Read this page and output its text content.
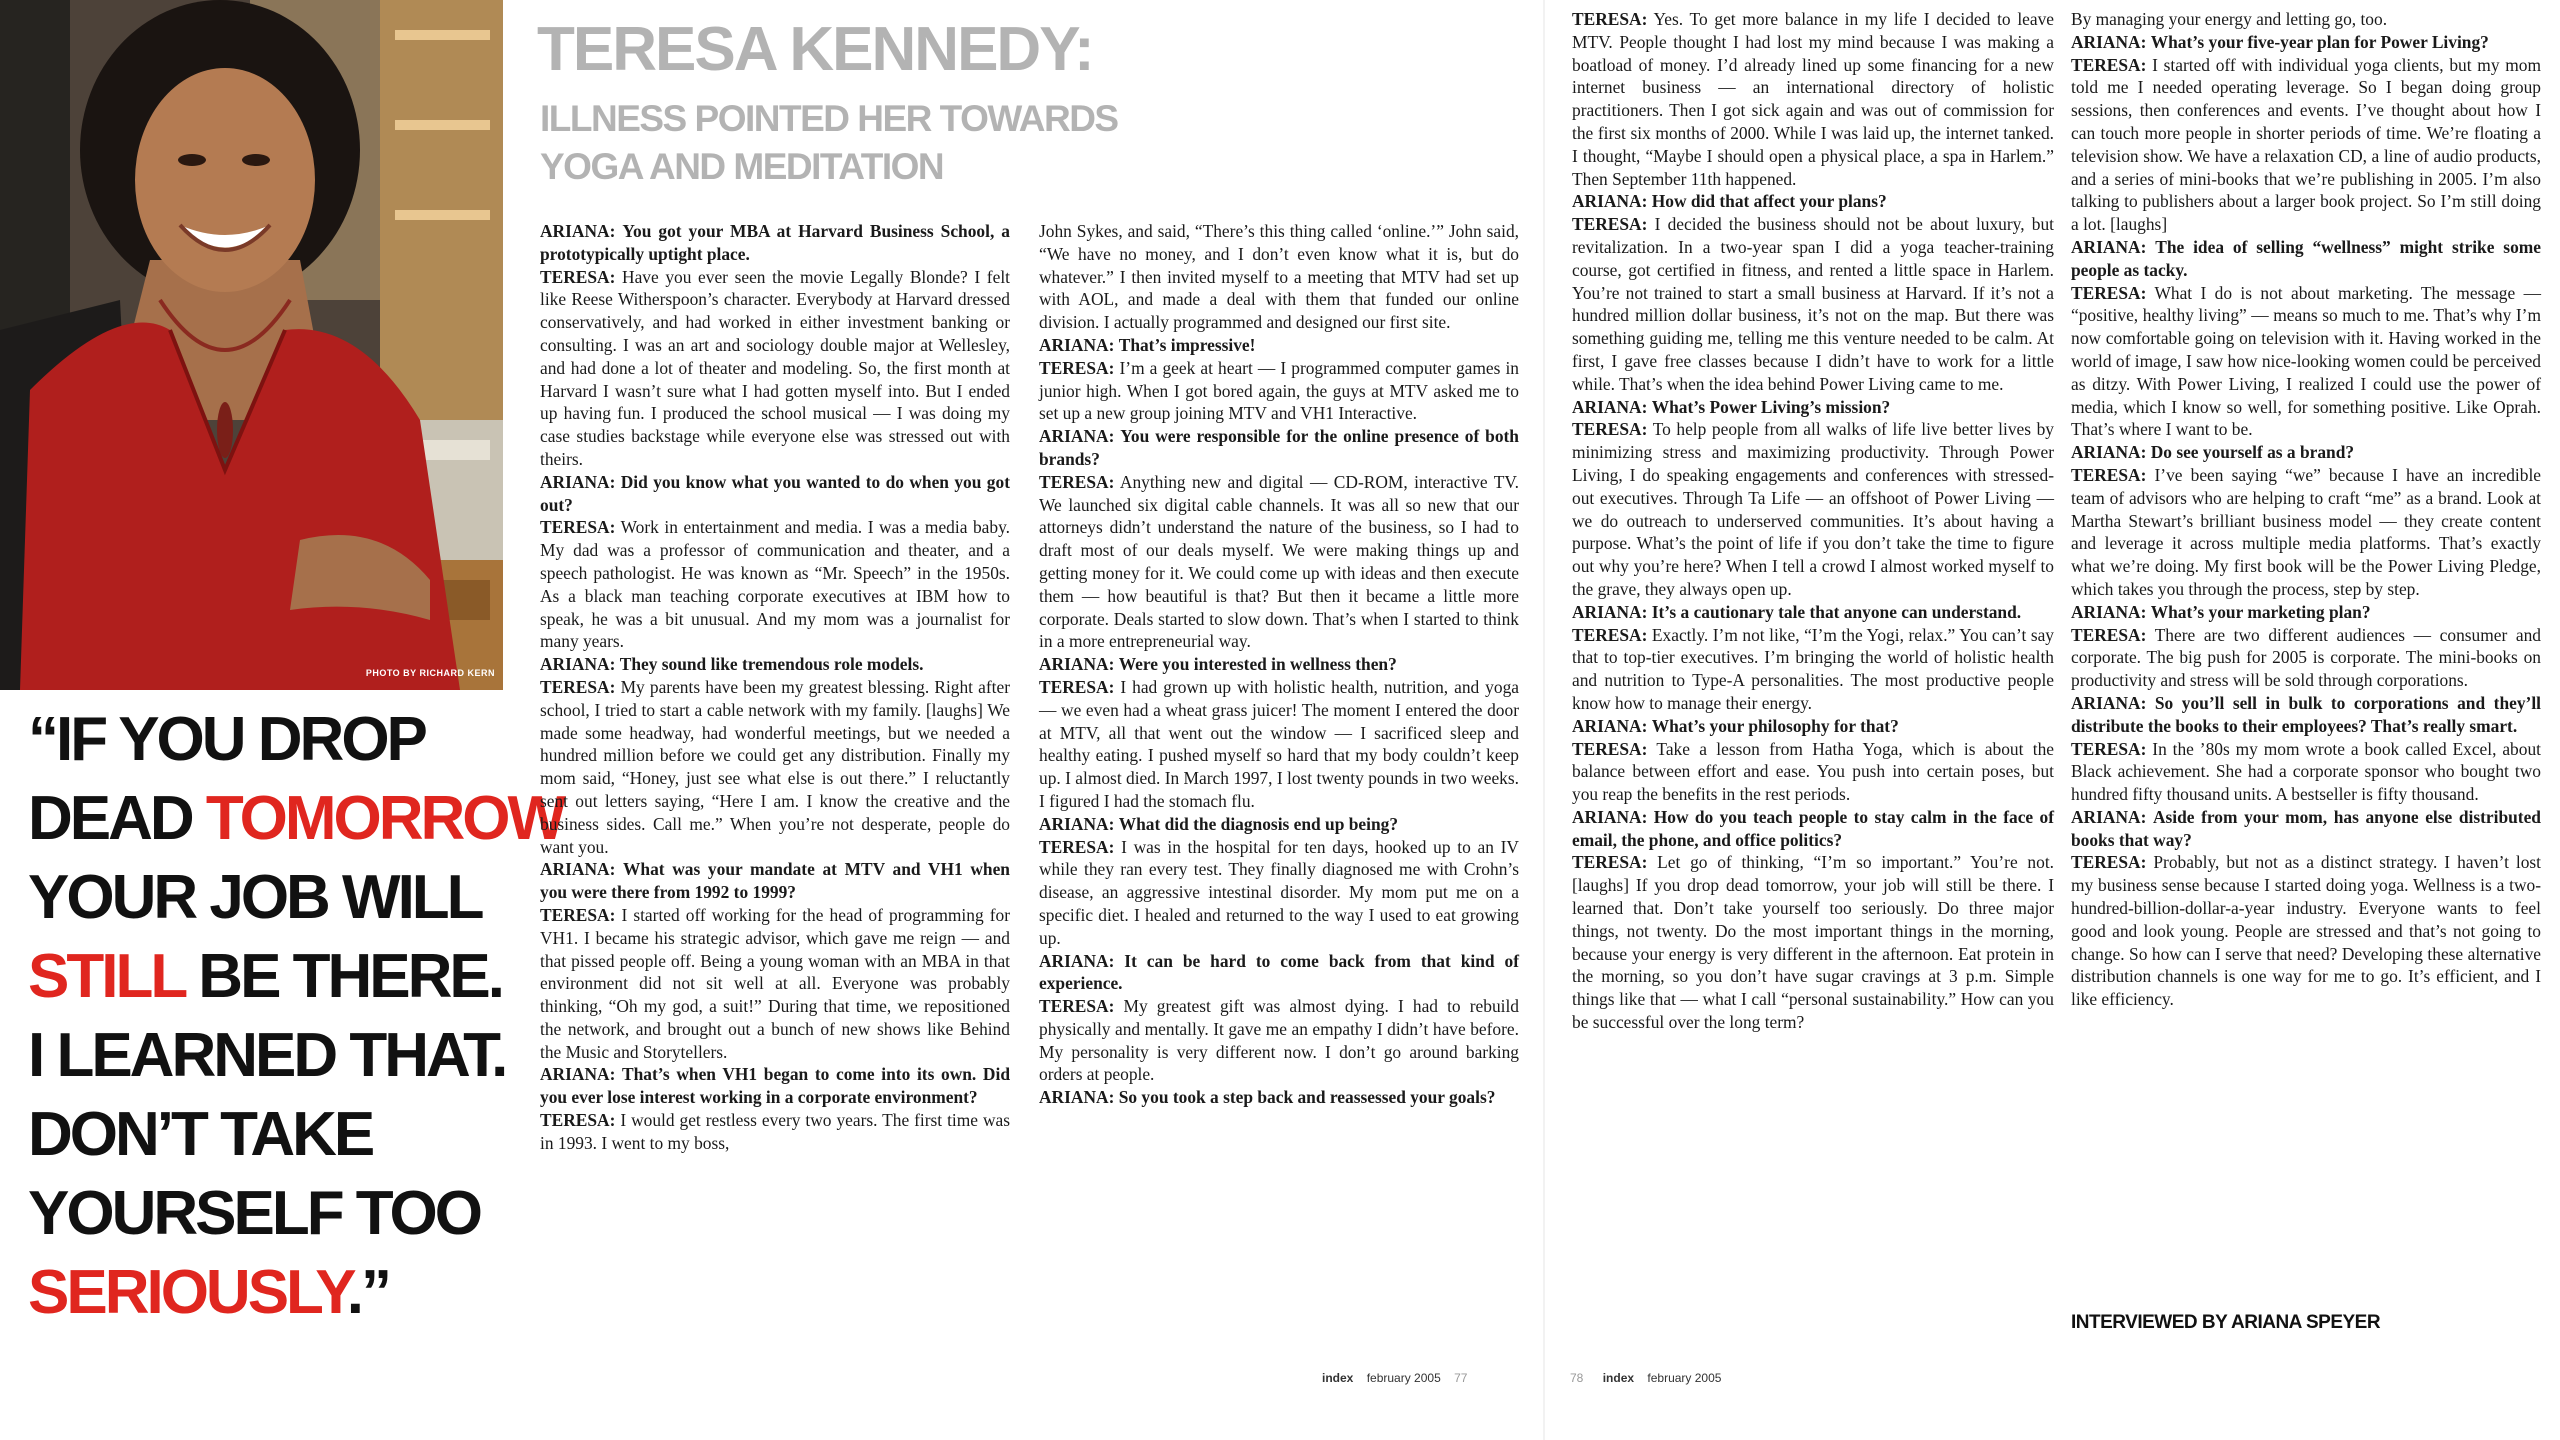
PHOTO BY RICHARD KERN
“IF YOU DROP
DEAD TOMORROW
YOUR JOB WILL
STILL BE THERE.
I LEARNED THAT.
DON’T TAKE
YOURSELF TOO
SERIOUSLY.”
TERESA KENNEDY:
ILLNESS POINTED HER TOWARDS
YOGA AND MEDITATION

ARIANA: You got your MBA at Harvard Business School, a prototypically uptight place.

TERESA: Have you ever seen the movie Legally Blonde? I felt like Reese Witherspoon’s character. Everybody at Harvard dressed conservatively, and had worked in either investment banking or consulting. I was an art and sociology double major at Wellesley, and had done a lot of theater and modeling. So, the first month at Harvard I wasn’t sure what I had gotten myself into. But I ended up having fun. I produced the school musical — I was doing my case studies backstage while everyone else was stressed out with theirs.

ARIANA: Did you know what you wanted to do when you got out?

TERESA: Work in entertainment and media. I was a media baby. My dad was a professor of communication and theater, and a speech pathologist. He was known as “Mr. Speech” in the 1950s. As a black man teaching corporate executives at IBM how to speak, he was a bit unusual. And my mom was a journalist for many years.

ARIANA: They sound like tremendous role models.

TERESA: My parents have been my greatest blessing. Right after school, I tried to start a cable network with my family. [laughs] We made some headway, had wonderful meetings, but we needed a hundred million before we could get any distribution. Finally my mom said, “Honey, just see what else is out there.” I reluctantly sent out letters saying, “Here I am. I know the creative and the business sides. Call me.” When you’re not desperate, people do want you.

ARIANA: What was your mandate at MTV and VH1 when you were there from 1992 to 1999?

TERESA: I started off working for the head of programming for VH1. I became his strategic advisor, which gave me reign — and that pissed people off. Being a young woman with an MBA in that environment did not sit well at all. Everyone was probably thinking, “Oh my god, a suit!” During that time, we repositioned the network, and brought out a bunch of new shows like Behind the Music and Storytellers.

ARIANA: That’s when VH1 began to come into its own. Did you ever lose interest working in a corporate environment?

TERESA: I would get restless every two years. The first time was in 1993. I went to my boss,

John Sykes, and said, “There’s this thing called ‘online.’” John said, “We have no money, and I don’t even know what it is, but do whatever.” I then invited myself to a meeting that MTV had set up with AOL, and made a deal with them that funded our online division. I actually programmed and designed our first site.

ARIANA: That’s impressive!

TERESA: I’m a geek at heart — I programmed computer games in junior high. When I got bored again, the guys at MTV asked me to set up a new group joining MTV and VH1 Interactive.

ARIANA: You were responsible for the online presence of both brands?

TERESA: Anything new and digital — CD-ROM, interactive TV. We launched six digital cable channels. It was all so new that our attorneys didn’t understand the nature of the business, so I had to draft most of our deals myself. We were making things up and getting money for it. We could come up with ideas and then execute them — how beautiful is that? But then it became a little more corporate. Deals started to slow down. That’s when I started to think in a more entrepreneurial way.

ARIANA: Were you interested in wellness then?

TERESA: I had grown up with holistic health, nutrition, and yoga — we even had a wheat grass juicer! The moment I entered the door at MTV, all that went out the window — I sacrificed sleep and healthy eating. I pushed myself so hard that my body couldn’t keep up. I almost died. In March 1997, I lost twenty pounds in two weeks. I figured I had the stomach flu.

ARIANA: What did the diagnosis end up being?

TERESA: I was in the hospital for ten days, hooked up to an IV while they ran every test. They finally diagnosed me with Crohn’s disease, an aggressive intestinal disorder. My mom put me on a specific diet. I healed and returned to the way I used to eat growing up.

ARIANA: It can be hard to come back from that kind of experience.

TERESA: My greatest gift was almost dying. I had to rebuild physically and mentally. It gave me an empathy I didn’t have before. My personality is very different now. I don’t go around barking orders at people.

ARIANA: So you took a step back and reassessed your goals?

TERESA: Yes. To get more balance in my life I decided to leave MTV. People thought I had lost my mind because I was making a boatload of money. I’d already lined up some financing for a new internet business — an international directory of holistic practitioners. Then I got sick again and was out of commission for the first six months of 2000. While I was laid up, the internet tanked. I thought, “Maybe I should open a physical place, a spa in Harlem.” Then September 11th happened.

ARIANA: How did that affect your plans?

TERESA: I decided the business should not be about luxury, but revitalization. In a two-year span I did a yoga teacher-training course, got certified in fitness, and rented a little space in Harlem. You’re not trained to start a small business at Harvard. If it’s not a hundred million dollar business, it’s not on the map. But there was something guiding me, telling me this venture needed to be calm. At first, I gave free classes because I didn’t have to work for a little while. That’s when the idea behind Power Living came to me.

ARIANA: What’s Power Living’s mission?

TERESA: To help people from all walks of life live better lives by minimizing stress and maximizing productivity. Through Power Living, I do speaking engagements and conferences with stressed-out executives. Through Ta Life — an offshoot of Power Living — we do outreach to underserved communities. It’s about having a purpose. What’s the point of life if you don’t take the time to figure out why you’re here? When I tell a crowd I almost worked myself to the grave, they always open up.

ARIANA: It’s a cautionary tale that anyone can understand.

TERESA: Exactly. I’m not like, “I’m the Yogi, relax.” You can’t say that to top-tier executives. I’m bringing the world of holistic health and nutrition to Type-A personalities. The most productive people know how to manage their energy.

ARIANA: What’s your philosophy for that?

TERESA: Take a lesson from Hatha Yoga, which is about the balance between effort and ease. You push into certain poses, but you reap the benefits in the rest periods.

ARIANA: How do you teach people to stay calm in the face of email, the phone, and office politics?

TERESA: Let go of thinking, “I’m so important.” You’re not. [laughs] If you drop dead tomorrow, your job will still be there. I learned that. Don’t take yourself too seriously. Do three major things, not twenty. Do the most important things in the morning, because your energy is very different in the afternoon. Eat protein in the morning, so you don’t have sugar cravings at 3 p.m. Simple things like that — what I call “personal sustainability.” How can you be successful over the long term?

By managing your energy and letting go, too.

ARIANA: What’s your five-year plan for Power Living?

TERESA: I started off with individual yoga clients, but my mom told me I needed operating leverage. So I began doing group sessions, then conferences and events. I’ve thought about how I can touch more people in shorter periods of time. We’re floating a television show. We have a relaxation CD, a line of audio products, and a series of mini-books that we’re publishing in 2005. I’m also talking to publishers about a larger book project. So I’m still doing a lot. [laughs]

ARIANA: The idea of selling “wellness” might strike some people as tacky.

TERESA: What I do is not about marketing. The message — “positive, healthy living” — means so much to me. That’s why I’m now comfortable going on television with it. Having worked in the world of image, I saw how nice-looking women could be perceived as ditzy. With Power Living, I realized I could use the power of media, which I know so well, for something positive. Like Oprah. That’s where I want to be.

ARIANA: Do see yourself as a brand?

TERESA: I’ve been saying “we” because I have an incredible team of advisors who are helping to craft “me” as a brand. Look at Martha Stewart’s brilliant business model — they create content and leverage it across multiple media platforms. That’s exactly what we’re doing. My first book will be the Power Living Pledge, which takes you through the process, step by step.

ARIANA: What’s your marketing plan?

TERESA: There are two different audiences — consumer and corporate. The big push for 2005 is corporate. The mini-books on productivity and stress will be sold through corporations.

ARIANA: So you’ll sell in bulk to corporations and they’ll distribute the books to their employees? That’s really smart.

TERESA: In the ’80s my mom wrote a book called Excel, about Black achievement. She had a corporate sponsor who bought two hundred fifty thousand units. A bestseller is fifty thousand.

ARIANA: Aside from your mom, has anyone else distributed books that way?

TERESA: Probably, but not as a distinct strategy. I haven’t lost my business sense because I started doing yoga. Wellness is a two-hundred-billion-dollar-a-year industry. Everyone wants to feel good and look young. People are stressed and that’s not going to change. So how can I serve that need? Developing these alternative distribution channels is one way for me to go. It’s efficient, and I like efficiency.

INTERVIEWED BY ARIANA SPEYER
index february 2005 77	78 index february 2005
